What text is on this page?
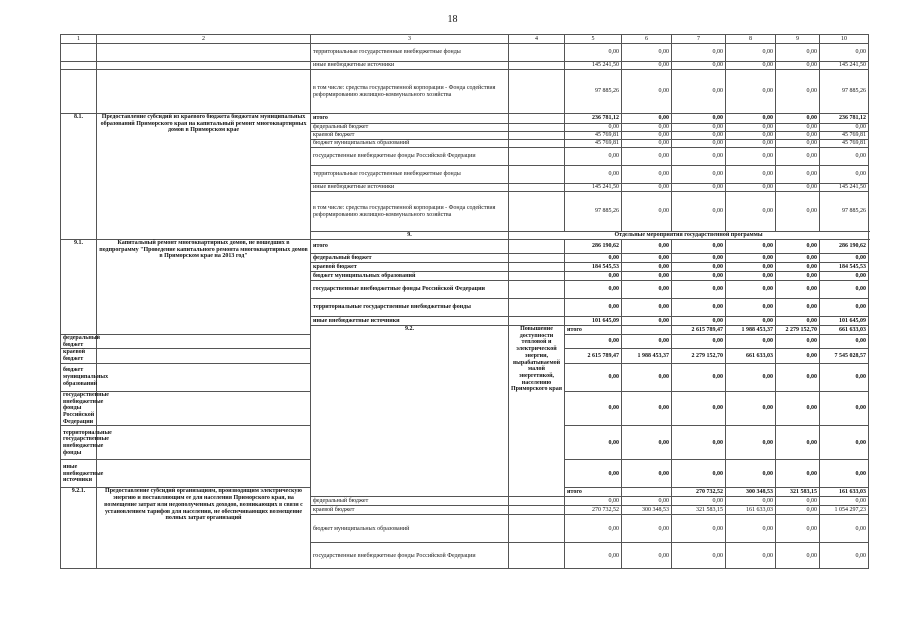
18
1	2	3	4	5	6	7	8	9	10	
		территориальные государственные внебюджетные фонды		0,00	0,00	0,00	0,00	0,00	0,00	
		иные внебюджетные источники		145 241,50	0,00	0,00	0,00	0,00	145 241,50	
		в том числе: средства государственной корпорации - Фонда содействия реформированию жилищно-коммунального хозяйства		97 885,26	0,00	0,00	0,00	0,00	97 885,26	
8.1.	Предоставление субсидий из краевого бюджета бюджетам муниципальных образований Приморского края на капитальный ремонт многоквартирных домов в Приморском крае	итого		236 781,12	0,00	0,00	0,00	0,00	236 781,12	
		федеральный бюджет		0,00	0,00	0,00	0,00	0,00	0,00	
		краевой бюджет		45 769,81	0,00	0,00	0,00	0,00	45 769,81	
		бюджет муниципальных образований		45 769,81	0,00	0,00	0,00	0,00	45 769,81	
		государственные внебюджетные фонды Российской Федерации		0,00	0,00	0,00	0,00	0,00	0,00	
		территориальные государственные внебюджетные фонды		0,00	0,00	0,00	0,00	0,00	0,00	
		иные внебюджетные источники		145 241,50	0,00	0,00	0,00	0,00	145 241,50	
		в том числе: средства государственной корпорации - Фонда содействия реформированию жилищно-коммунального хозяйства		97 885,26	0,00	0,00	0,00	0,00	97 885,26	
		9.	Отдельные мероприятия государственной программы							
9.1.	Капитальный ремонт многоквартирных домов, не вошедших в подпрограмму "Проведение капитального ремонта многоквартирных домов в Приморском крае на 2013 год"	итого		286 190,62	0,00	0,00	0,00	0,00	286 190,62	
		федеральный бюджет		0,00	0,00	0,00	0,00	0,00	0,00	
		краевой бюджет		184 545,53	0,00	0,00	0,00	0,00	184 545,53	
		бюджет муниципальных образований		0,00	0,00	0,00	0,00	0,00	0,00	
		государственные внебюджетные фонды Российской Федерации		0,00	0,00	0,00	0,00	0,00	0,00	
		территориальные государственные внебюджетные фонды		0,00	0,00	0,00	0,00	0,00	0,00	
		иные внебюджетные источники		101 645,09	0,00	0,00	0,00	0,00	101 645,09	
		9.2.	Повышение доступности тепловой и электрической энергии, вырабатываемой малой энергетикой, населению Приморского края	итого		2 615 789,47	1 988 453,37	2 279 152,70	661 633,03		
федеральный бюджет				0,00	0,00	0,00	0,00	0,00	0,00	
краевой бюджет				2 615 789,47	1 988 453,37	2 279 152,70	661 633,03	0,00	7 545 028,57	
бюджет муниципальных образований				0,00	0,00	0,00	0,00	0,00	0,00	
государственные внебюджетные фонды Российской Федерации				0,00	0,00	0,00	0,00	0,00	0,00	
территориальные государственные внебюджетные фонды				0,00	0,00	0,00	0,00	0,00	0,00	
иные внебюджетные источники				0,00	0,00	0,00	0,00	0,00	0,00	
9.2.1.	Предоставление субсидий организациям, производящим электрическую энергию и поставляющим ее для населения Приморского края, на возмещение затрат или недополученных доходов, возникающих в связи с установлением тарифов для населения, не обеспечивающих возмещение полных затрат организаций			итого		270 732,52	300 348,53	321 583,15	161 633,03		
		федеральный бюджет		0,00	0,00	0,00	0,00	0,00	0,00	
		краевой бюджет		270 732,52	300 348,53	321 583,15	161 633,03	0,00	1 054 297,23	
		бюджет муниципальных образований		0,00	0,00	0,00	0,00	0,00	0,00	
		государственные внебюджетные фонды Российской Федерации		0,00	0,00	0,00	0,00	0,00	0,00	
